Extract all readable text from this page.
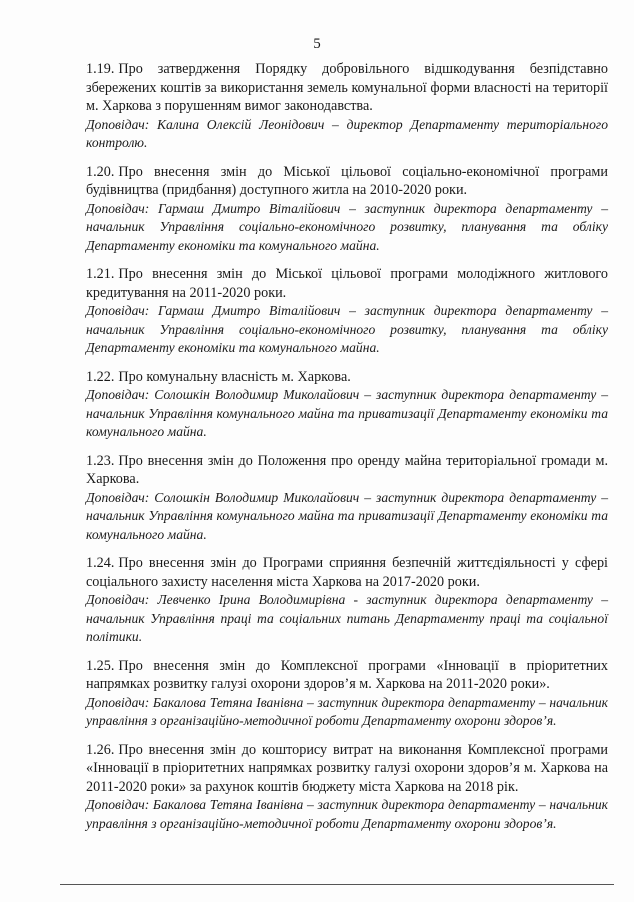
5

1.19. Про затвердження Порядку добровільного відшкодування безпідставно збережених коштів за використання земель комунальної форми власності на території м. Харкова з порушенням вимог законодавства.

Доповідач: Калина Олексій Леонідович – директор Департаменту територіального контролю.

1.20. Про внесення змін до Міської цільової соціально-економічної програми будівництва (придбання) доступного житла на 2010-2020 роки.

Доповідач: Гармаш Дмитро Віталійович – заступник директора департаменту – начальник Управління соціально-економічного розвитку, планування та обліку Департаменту економіки та комунального майна.

1.21. Про внесення змін до Міської цільової програми молодіжного житлового кредитування на 2011-2020 роки.

Доповідач: Гармаш Дмитро Віталійович – заступник директора департаменту – начальник Управління соціально-економічного розвитку, планування та обліку Департаменту економіки та комунального майна.

1.22. Про комунальну власність м. Харкова.

Доповідач: Солошкін Володимир Миколайович – заступник директора департаменту – начальник Управління комунального майна та приватизації Департаменту економіки та комунального майна.

1.23. Про внесення змін до Положення про оренду майна територіальної громади м. Харкова.

Доповідач: Солошкін Володимир Миколайович – заступник директора департаменту – начальник Управління комунального майна та приватизації Департаменту економіки та комунального майна.

1.24. Про внесення змін до Програми сприяння безпечній життєдіяльності у сфері соціального захисту населення міста Харкова на 2017-2020 роки.

Доповідач: Левченко Ірина Володимирівна - заступник директора департаменту – начальник Управління праці та соціальних питань Департаменту праці та соціальної політики.

1.25. Про внесення змін до Комплексної програми «Інновації в пріоритетних напрямках розвитку галузі охорони здоров’я м. Харкова на 2011-2020 роки».

Доповідач: Бакалова Тетяна Іванівна – заступник директора департаменту – начальник управління з організаційно-методичної роботи Департаменту охорони здоров’я.

1.26. Про внесення змін до кошторису витрат на виконання Комплексної програми «Інновації в пріоритетних напрямках розвитку галузі охорони здоров’я м. Харкова на 2011-2020 роки» за рахунок коштів бюджету міста Харкова на 2018 рік.

Доповідач: Бакалова Тетяна Іванівна – заступник директора департаменту – начальник управління з організаційно-методичної роботи Департаменту охорони здоров’я.
